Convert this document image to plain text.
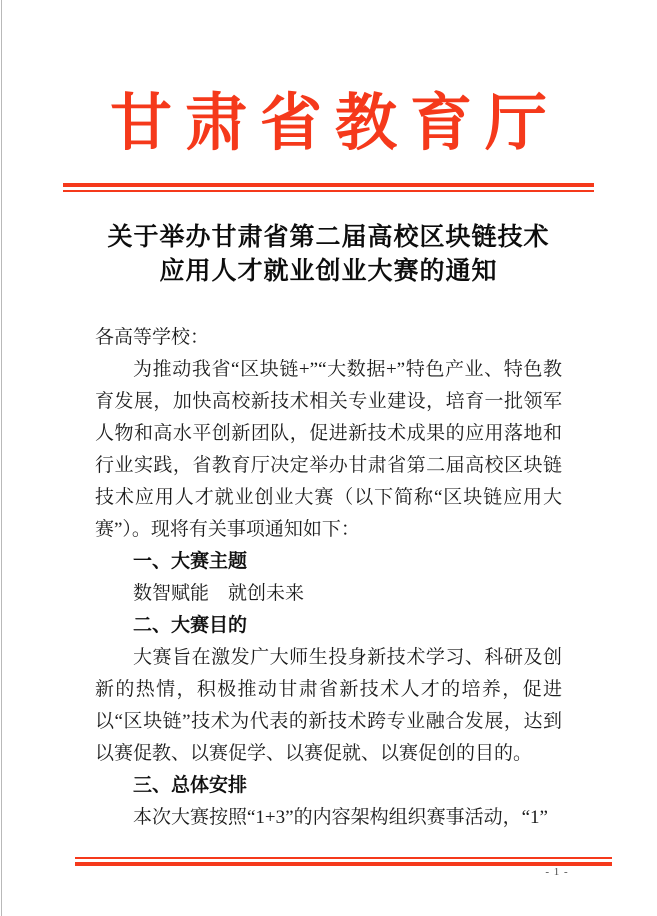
甘肃省教育厅
关于举办甘肃省第二届高校区块链技术
应用人才就业创业大赛的通知
各高等学校：

为推动我省“区块链+”“大数据+”特色产业、特色教育发展，加快高校新技术相关专业建设，培育一批领军人物和高水平创新团队，促进新技术成果的应用落地和行业实践，省教育厅决定举办甘肃省第二届高校区块链技术应用人才就业创业大赛（以下简称“区块链应用大赛”）。现将有关事项通知如下：

一、大赛主题
数智赋能　就创未来
二、大赛目的

大赛旨在激发广大师生投身新技术学习、科研及创新的热情，积极推动甘肃省新技术人才的培养，促进以“区块链”技术为代表的新技术跨专业融合发展，达到以赛促教、以赛促学、以赛促就、以赛促创的目的。

三、总体安排

本次大赛按照“1+3”的内容架构组织赛事活动，“1”

- 1 -
